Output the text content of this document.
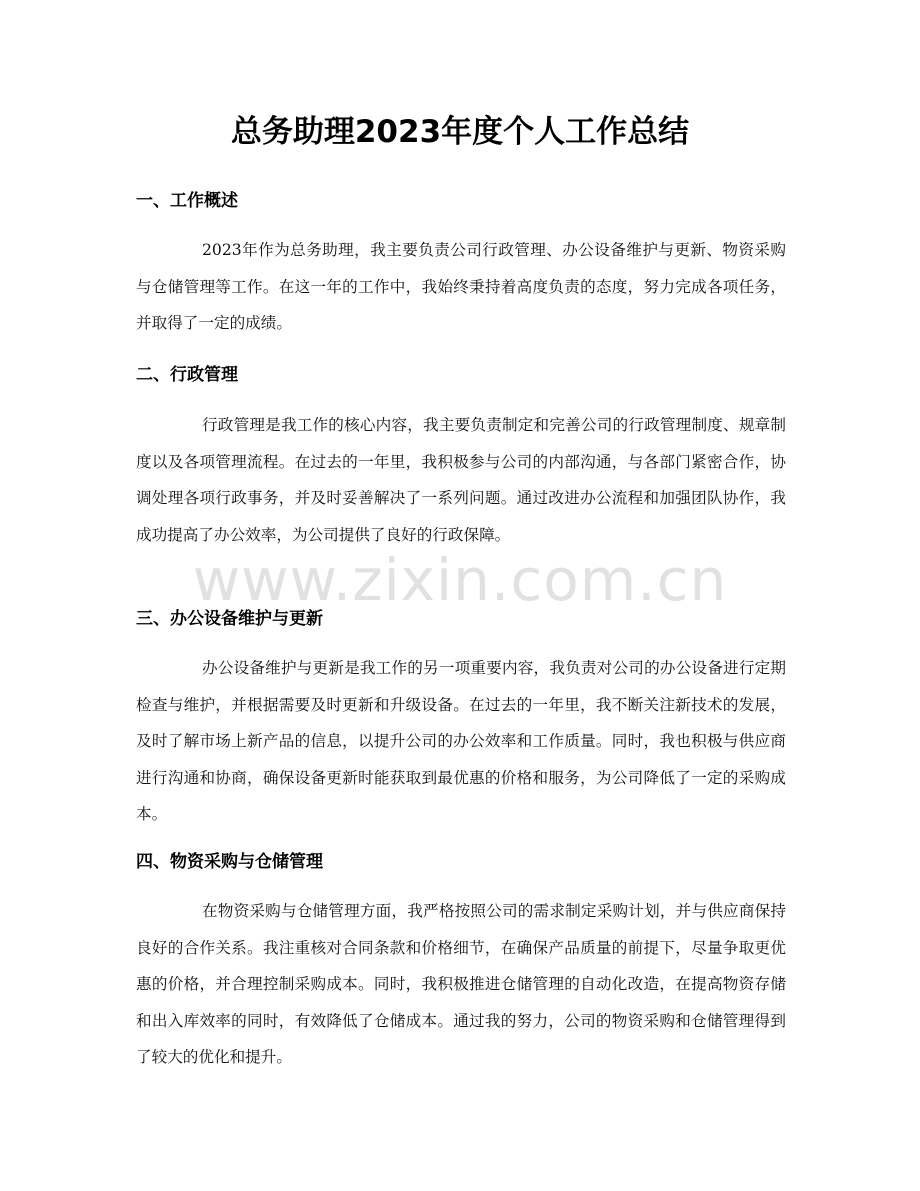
总务助理2023年度个人工作总结
一、工作概述
2023年作为总务助理，我主要负责公司行政管理、办公设备维护与更新、物资采购与仓储管理等工作。在这一年的工作中，我始终秉持着高度负责的态度，努力完成各项任务，并取得了一定的成绩。
二、行政管理
行政管理是我工作的核心内容，我主要负责制定和完善公司的行政管理制度、规章制度以及各项管理流程。在过去的一年里，我积极参与公司的内部沟通，与各部门紧密合作，协调处理各项行政事务，并及时妥善解决了一系列问题。通过改进办公流程和加强团队协作，我成功提高了办公效率，为公司提供了良好的行政保障。
三、办公设备维护与更新
办公设备维护与更新是我工作的另一项重要内容，我负责对公司的办公设备进行定期检查与维护，并根据需要及时更新和升级设备。在过去的一年里，我不断关注新技术的发展，及时了解市场上新产品的信息，以提升公司的办公效率和工作质量。同时，我也积极与供应商进行沟通和协商，确保设备更新时能获取到最优惠的价格和服务，为公司降低了一定的采购成本。
四、物资采购与仓储管理
在物资采购与仓储管理方面，我严格按照公司的需求制定采购计划，并与供应商保持良好的合作关系。我注重核对合同条款和价格细节，在确保产品质量的前提下，尽量争取更优惠的价格，并合理控制采购成本。同时，我积极推进仓储管理的自动化改造，在提高物资存储和出入库效率的同时，有效降低了仓储成本。通过我的努力，公司的物资采购和仓储管理得到了较大的优化和提升。
www.zixin.com.cn
